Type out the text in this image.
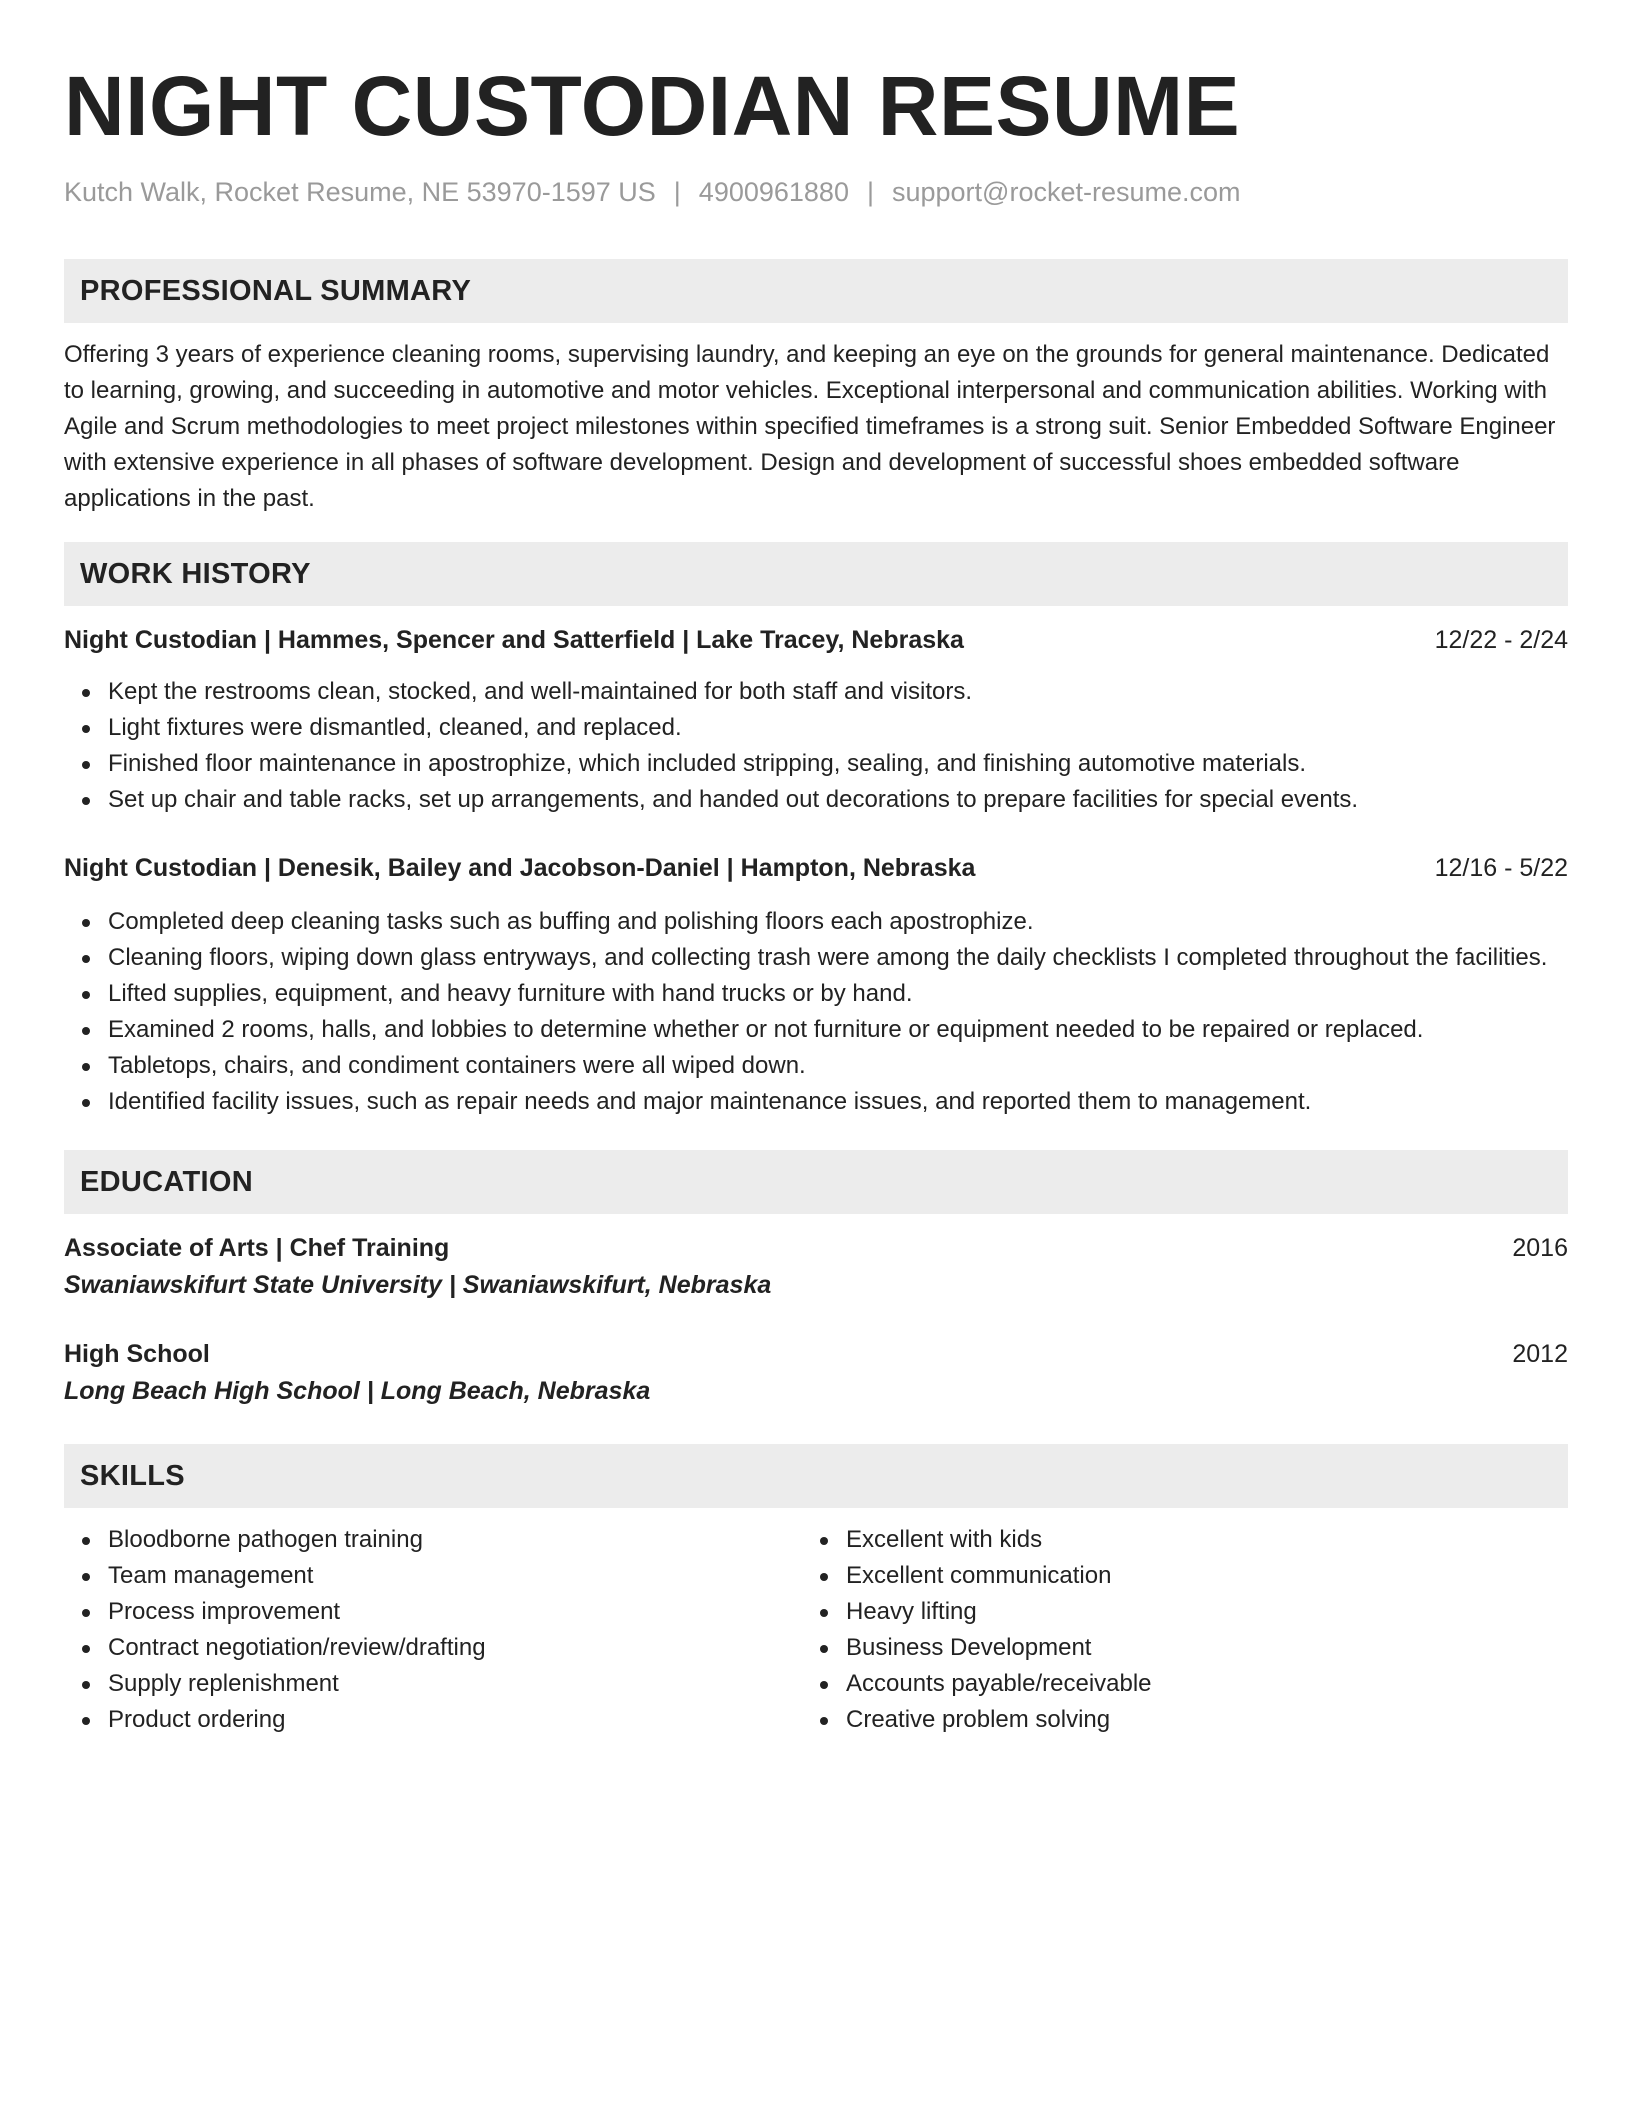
NIGHT CUSTODIAN RESUME
Kutch Walk, Rocket Resume, NE 53970-1597 US | 4900961880 | support@rocket-resume.com
PROFESSIONAL SUMMARY

Offering 3 years of experience cleaning rooms, supervising laundry, and keeping an eye on the grounds for general maintenance. Dedicated to learning, growing, and succeeding in automotive and motor vehicles. Exceptional interpersonal and communication abilities. Working with Agile and Scrum methodologies to meet project milestones within specified timeframes is a strong suit. Senior Embedded Software Engineer with extensive experience in all phases of software development. Design and development of successful shoes embedded software applications in the past.

WORK HISTORY
Night Custodian | Hammes, Spencer and Satterfield | Lake Tracey, Nebraska	12/22 - 2/24
Kept the restrooms clean, stocked, and well-maintained for both staff and visitors.
Light fixtures were dismantled, cleaned, and replaced.
Finished floor maintenance in apostrophize, which included stripping, sealing, and finishing automotive materials.
Set up chair and table racks, set up arrangements, and handed out decorations to prepare facilities for special events.
Night Custodian | Denesik, Bailey and Jacobson-Daniel | Hampton, Nebraska	12/16 - 5/22
Completed deep cleaning tasks such as buffing and polishing floors each apostrophize.
Cleaning floors, wiping down glass entryways, and collecting trash were among the daily checklists I completed throughout the facilities.
Lifted supplies, equipment, and heavy furniture with hand trucks or by hand.
Examined 2 rooms, halls, and lobbies to determine whether or not furniture or equipment needed to be repaired or replaced.
Tabletops, chairs, and condiment containers were all wiped down.
Identified facility issues, such as repair needs and major maintenance issues, and reported them to management.
EDUCATION
Associate of Arts | Chef Training	2016
Swaniawskifurt State University | Swaniawskifurt, Nebraska
High School	2012
Long Beach High School | Long Beach, Nebraska
SKILLS
Bloodborne pathogen training
Team management
Process improvement
Contract negotiation/review/drafting
Supply replenishment
Product ordering
Excellent with kids
Excellent communication
Heavy lifting
Business Development
Accounts payable/receivable
Creative problem solving
